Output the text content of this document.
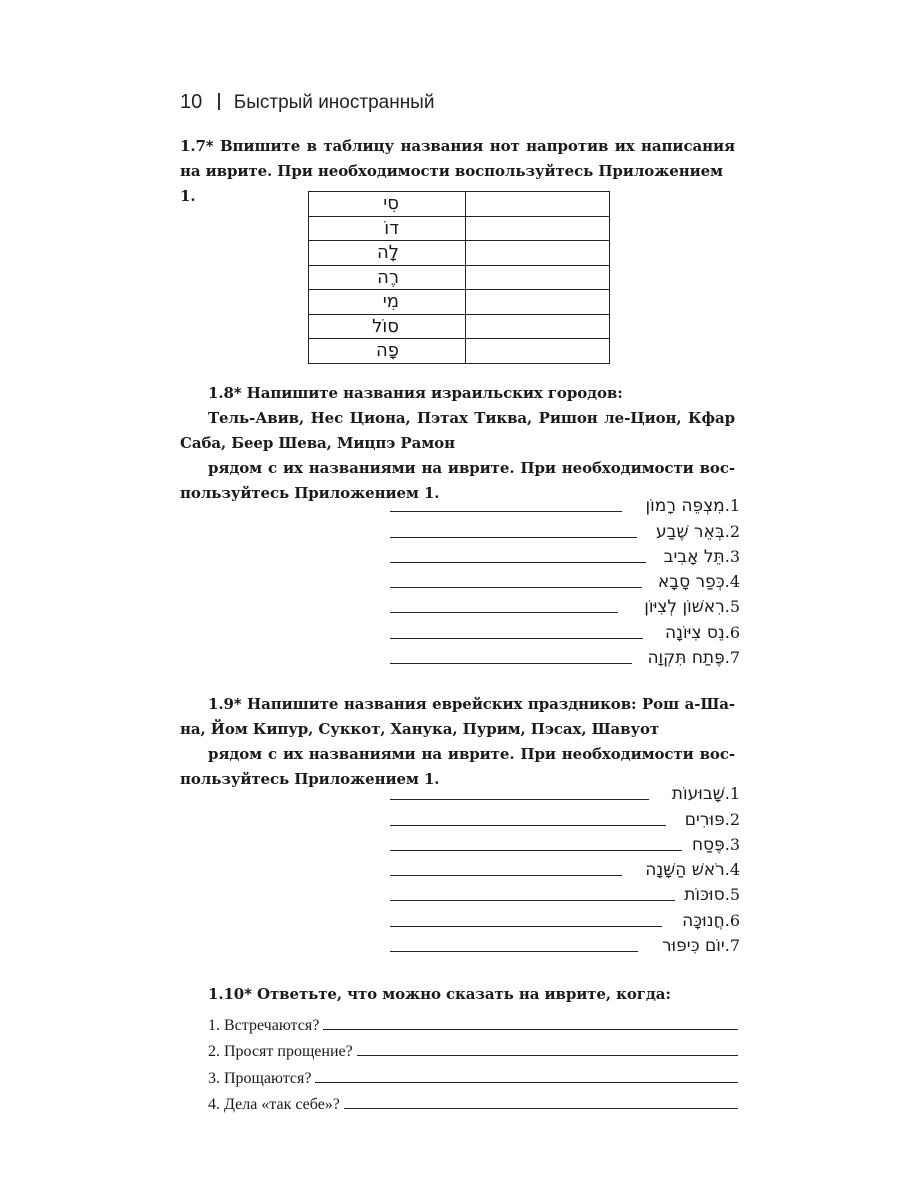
10 Быстрый иностранный

1.7* Впишите в таблицу названия нот напротив их написания

на иврите. При необходимости воспользуйтесь Приложением 1.	סִי	
דוֹ	
לָה	
רֶה	
מִי	
סוֹל	
פָה	

1.8* Напишите названия израильских городов:

Тель-Авив, Нес Циона, Пэтах Тиква, Ришон ле-Цион, Кфар

Саба, Беер Шева, Мицпэ Рамон

рядом с их названиями на иврите. При необходимости вос-

пользуйтесь Приложением 1.

1.מִצְפֵּה רָמוֹן
2.בְּאֵר שֶׁבַע
3.תֵּל אָבִיב
4.כְּפַר סָבָא
5.רִאשׁוֹן לְצִיּוֹן
6.נֵס צִיּוֹנָה
7.פֶּתַח תִּקְוָה

1.9* Напишите названия еврейских праздников: Рош а-Ша-

на, Йом Кипур, Суккот, Ханука, Пурим, Пэсах, Шавуот

рядом с их названиями на иврите. При необходимости вос-

пользуйтесь Приложением 1.

1.שָׁבוּעוֹת
2.פּוּרִים
3.פֶּסַח
4.רֹאשׁ הַשָּׁנָה
5.סוּכּוֹת
6.חֲנוּכָּה
7.יוֹם כִּיפּוּר

1.10* Ответьте, что можно сказать на иврите, когда:

1. Встречаются?
2. Просят прощение?
3. Прощаются?
4. Дела «так себе»?
